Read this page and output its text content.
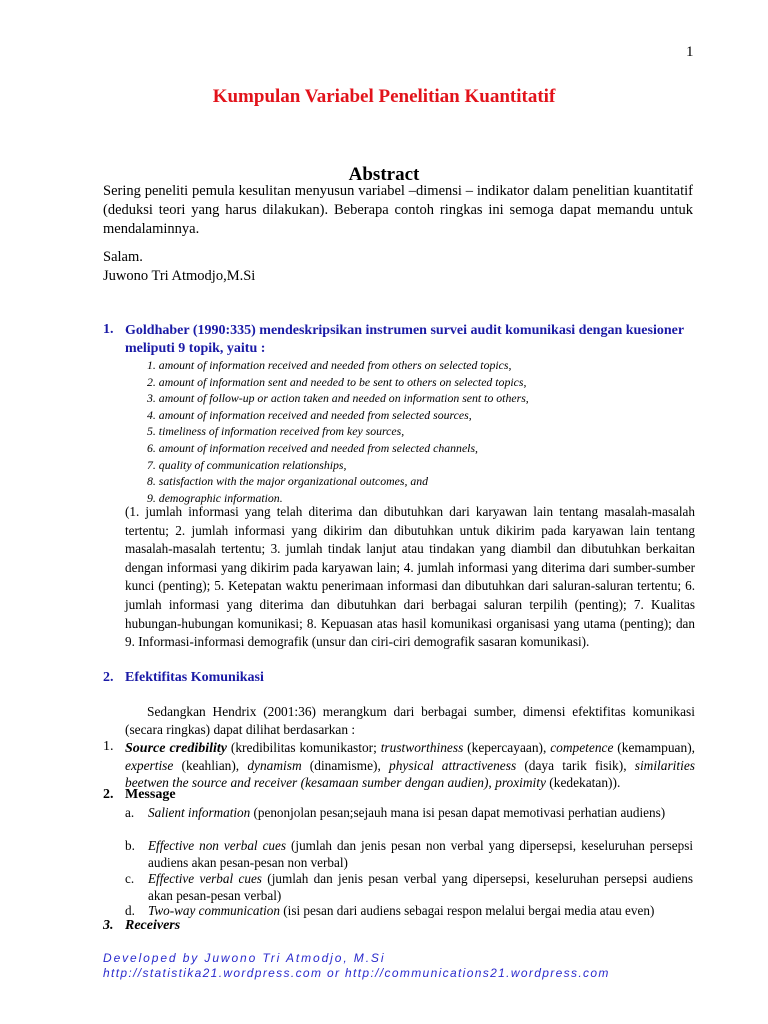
1
Kumpulan Variabel Penelitian Kuantitatif
Abstract
Sering peneliti pemula kesulitan menyusun variabel –dimensi – indikator dalam penelitian kuantitatif (deduksi teori yang harus dilakukan). Beberapa contoh ringkas ini semoga dapat memandu untuk mendalaminnya.
Salam.
Juwono Tri Atmodjo,M.Si
1. Goldhaber (1990:335) mendeskripsikan instrumen survei audit komunikasi dengan kuesioner meliputi 9 topik, yaitu :
1. amount of information received and needed from others on selected topics,
2. amount of information sent and needed to be sent to others on selected topics,
3. amount of follow-up or action taken and needed on information sent to others,
4. amount of information received and needed from selected sources,
5. timeliness of information received from key sources,
6. amount of information received and needed from selected channels,
7. quality of communication relationships,
8. satisfaction with the major organizational outcomes, and
9. demographic information.
(1. jumlah informasi yang telah diterima dan dibutuhkan dari karyawan lain tentang masalah-masalah tertentu; 2. jumlah informasi yang dikirim dan dibutuhkan untuk dikirim pada karyawan lain tentang masalah-masalah tertentu; 3. jumlah tindak lanjut atau tindakan yang diambil dan dibutuhkan berkaitan dengan informasi yang dikirim pada karyawan lain; 4. jumlah informasi yang diterima dari sumber-sumber kunci (penting); 5. Ketepatan waktu penerimaan informasi dan dibutuhkan dari saluran-saluran tertentu; 6. jumlah informasi yang diterima dan dibutuhkan dari berbagai saluran terpilih (penting); 7. Kualitas hubungan-hubungan komunikasi; 8. Kepuasan atas hasil komunikasi organisasi yang utama (penting); dan 9. Informasi-informasi demografik (unsur dan ciri-ciri demografik sasaran komunikasi).
2. Efektifitas Komunikasi
Sedangkan Hendrix (2001:36) merangkum dari berbagai sumber, dimensi efektifitas komunikasi (secara ringkas) dapat dilihat berdasarkan :
1. Source credibility (kredibilitas komunikastor; trustworthiness (kepercayaan), competence (kemampuan), expertise (keahlian), dynamism (dinamisme), physical attractiveness (daya tarik fisik), similarities beetwen the source and receiver (kesamaan sumber dengan audien), proximity (kedekatan)).
2. Message
a. Salient information (penonjolan pesan;sejauh mana isi pesan dapat memotivasi perhatian audiens)
b. Effective non verbal cues (jumlah dan jenis pesan non verbal yang dipersepsi, keseluruhan persepsi audiens akan pesan-pesan non verbal)
c. Effective verbal cues (jumlah dan jenis pesan verbal yang dipersepsi, keseluruhan persepsi audiens akan pesan-pesan verbal)
d. Two-way communication (isi pesan dari audiens sebagai respon melalui bergai media atau even)
3. Receivers
Developed by Juwono Tri Atmodjo, M.Si
http://statistika21.wordpress.com or http://communications21.wordpress.com
